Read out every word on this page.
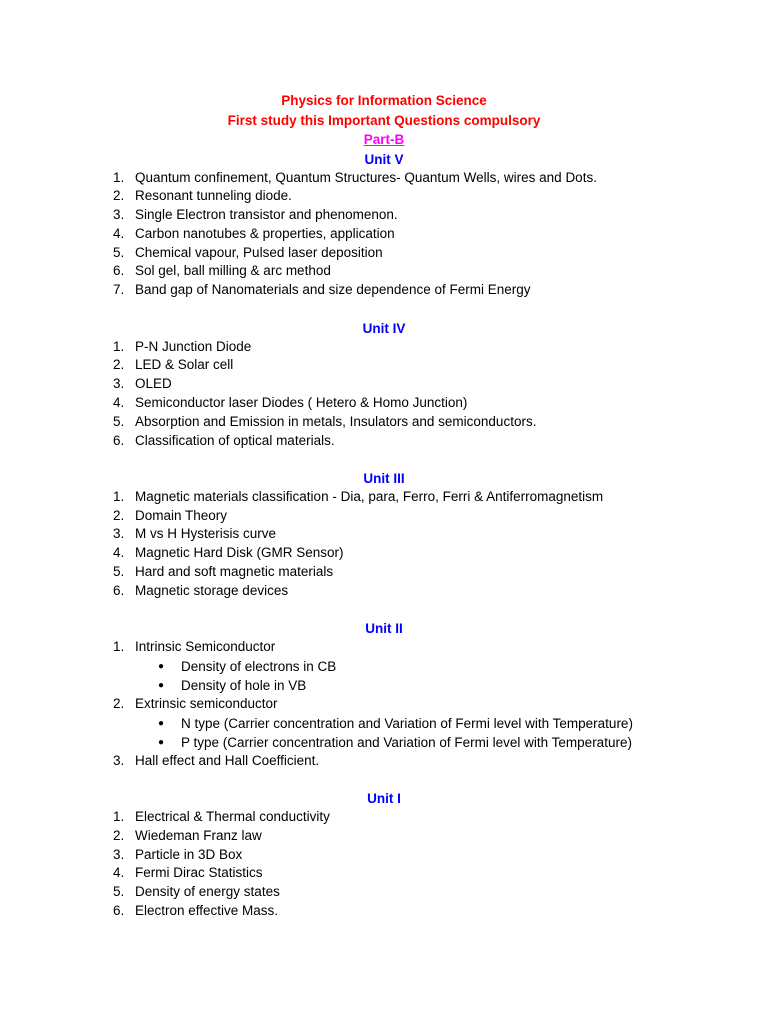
Physics for Information Science
First study this Important Questions compulsory
Part-B
Unit V
1. Quantum confinement, Quantum Structures- Quantum Wells, wires and Dots.
2. Resonant tunneling diode.
3. Single Electron transistor and phenomenon.
4. Carbon nanotubes & properties, application
5. Chemical vapour, Pulsed laser deposition
6. Sol gel, ball milling & arc method
7. Band gap of Nanomaterials and size dependence of Fermi Energy
Unit IV
1. P-N Junction Diode
2. LED & Solar cell
3. OLED
4. Semiconductor laser Diodes ( Hetero & Homo Junction)
5. Absorption and Emission in metals, Insulators and semiconductors.
6. Classification of optical materials.
Unit III
1. Magnetic materials classification - Dia, para, Ferro, Ferri & Antiferromagnetism
2. Domain Theory
3. M vs H Hysterisis curve
4. Magnetic Hard Disk (GMR Sensor)
5. Hard and soft magnetic materials
6. Magnetic storage devices
Unit II
1. Intrinsic Semiconductor
● Density of electrons in CB
● Density of hole in VB
2. Extrinsic semiconductor
● N type (Carrier concentration and Variation of Fermi level with Temperature)
● P type (Carrier concentration and Variation of Fermi level with Temperature)
3. Hall effect and Hall Coefficient.
Unit I
1. Electrical & Thermal conductivity
2. Wiedeman Franz law
3. Particle in 3D Box
4. Fermi Dirac Statistics
5. Density of energy states
6. Electron effective Mass.
